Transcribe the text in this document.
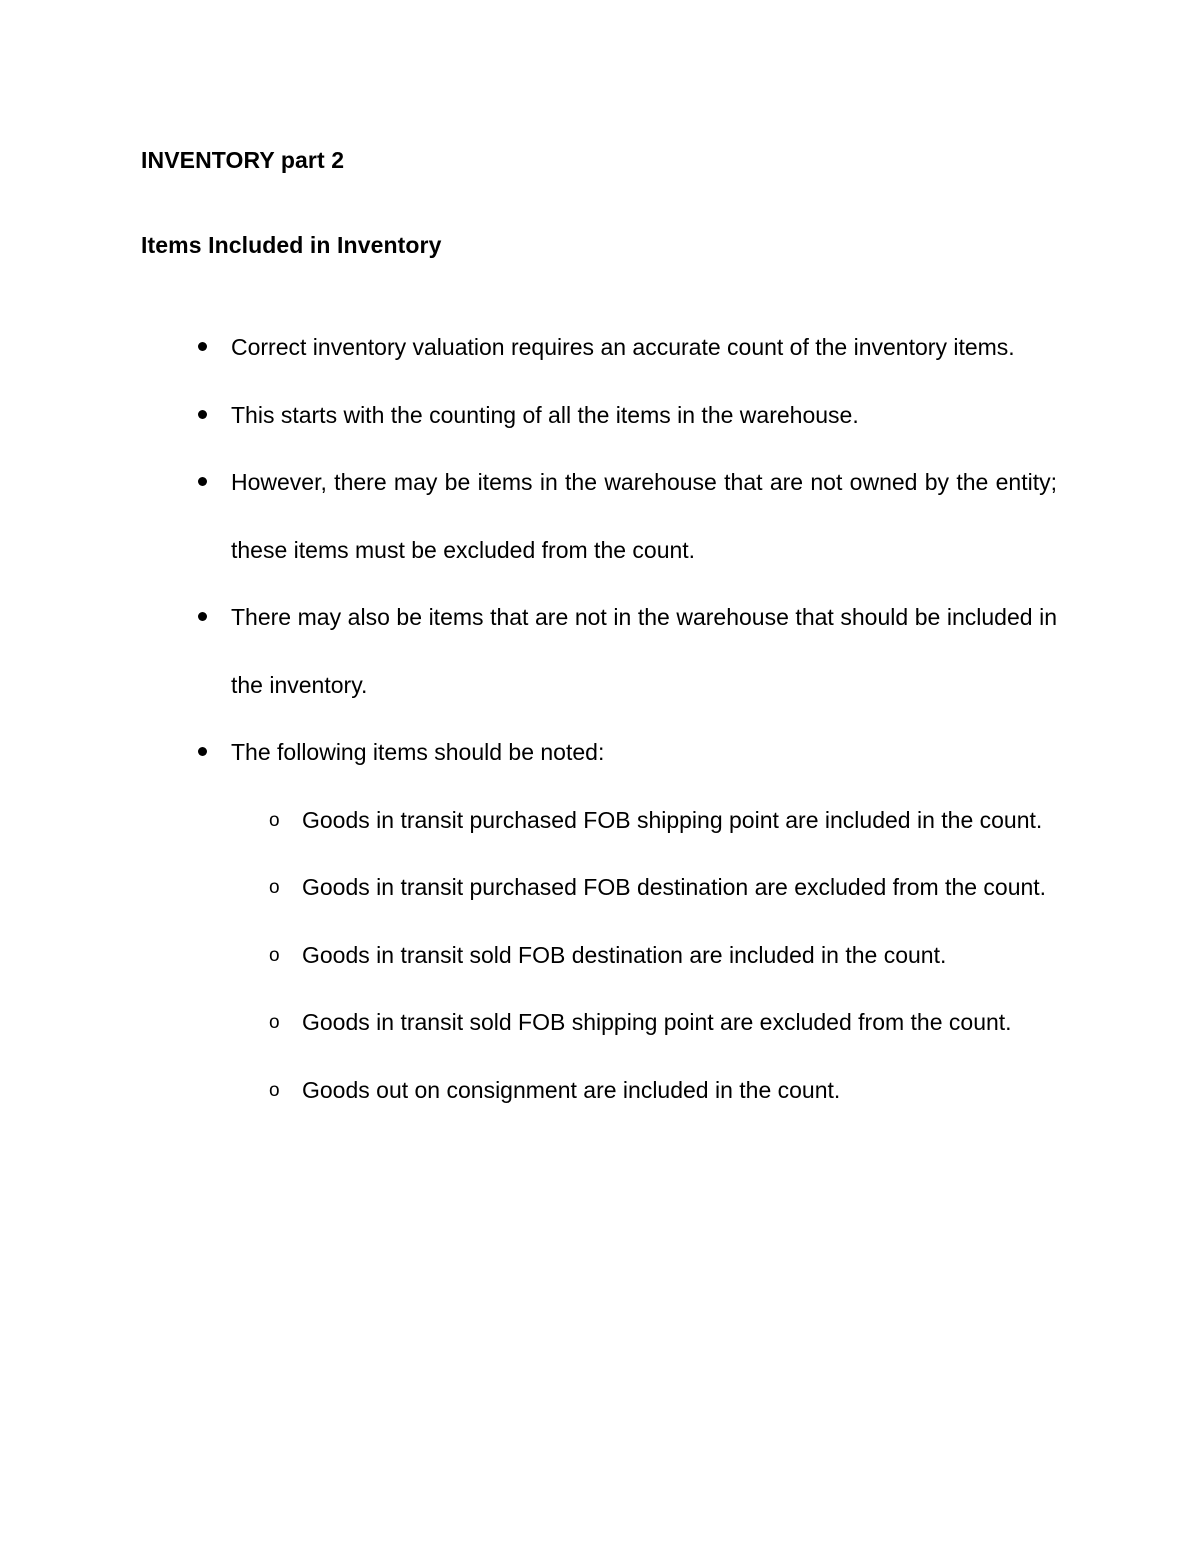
INVENTORY part 2

Items Included in Inventory

Correct inventory valuation requires an accurate count of the inventory items.
This starts with the counting of all the items in the warehouse.
However, there may be items in the warehouse that are not owned by the entity; these items must be excluded from the count.
There may also be items that are not in the warehouse that should be included in the inventory.
The following items should be noted:
o Goods in transit purchased FOB shipping point are included in the count.
o Goods in transit purchased FOB destination are excluded from the count.
o Goods in transit sold FOB destination are included in the count.
o Goods in transit sold FOB shipping point are excluded from the count.
o Goods out on consignment are included in the count.
